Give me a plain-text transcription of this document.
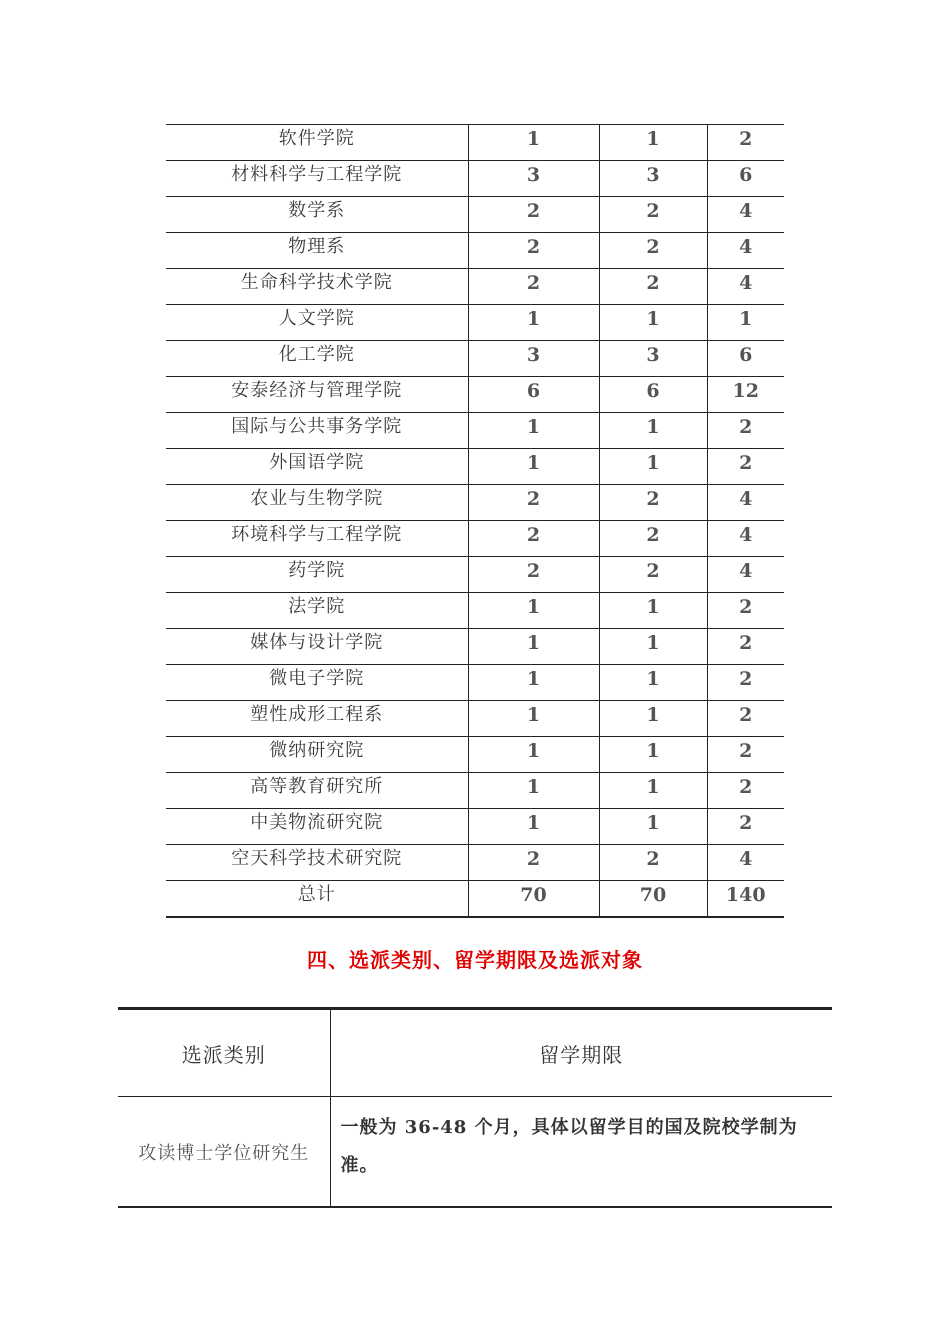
软件学院	1	1	2
材料科学与工程学院	3	3	6
数学系	2	2	4
物理系	2	2	4
生命科学技术学院	2	2	4
人文学院	1	1	1
化工学院	3	3	6
安泰经济与管理学院	6	6	12
国际与公共事务学院	1	1	2
外国语学院	1	1	2
农业与生物学院	2	2	4
环境科学与工程学院	2	2	4
药学院	2	2	4
法学院	1	1	2
媒体与设计学院	1	1	2
微电子学院	1	1	2
塑性成形工程系	1	1	2
微纳研究院	1	1	2
高等教育研究所	1	1	2
中美物流研究院	1	1	2
空天科学技术研究院	2	2	4
总计	70	70	140
四、选派类别、留学期限及选派对象
选派类别	留学期限
攻读博士学位研究生	一般为 36-48 个月，具体以留学目的国及院校学制为准。
